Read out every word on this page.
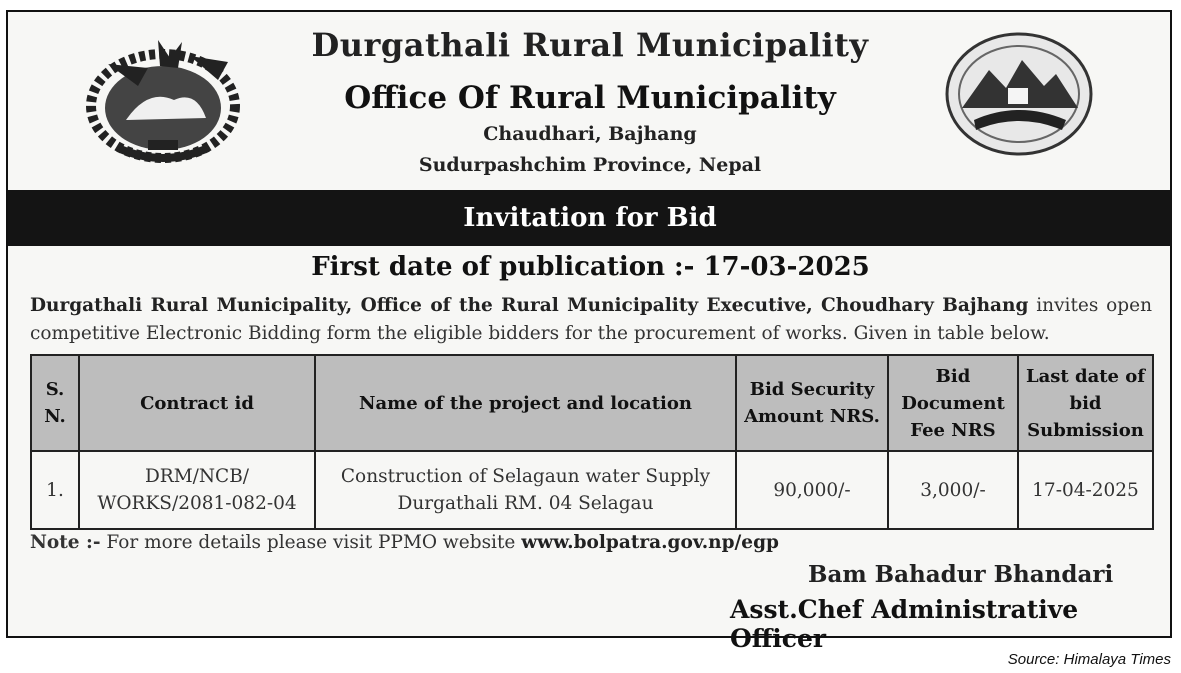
Durgathali Rural Municipality
Office Of Rural Municipality
Chaudhari, Bajhang
Sudurpashchim Province, Nepal
Invitation for Bid
First date of publication :- 17-03-2025
Durgathali Rural Municipality, Office of the Rural Municipality Executive, Choudhary Bajhang invites open competitive Electronic Bidding form the eligible bidders for the procurement of works. Given in table below.
S. N.	Contract id	Name of the project and location	Bid Security Amount NRS.	Bid Document Fee NRS	Last date of bid Submission
1.	DRM/NCB/ WORKS/2081-082-04	Construction of Selagaun water Supply Durgathali RM. 04 Selagau	90,000/-	3,000/-	17-04-2025
Note :- For more details please visit PPMO website www.bolpatra.gov.np/egp
Bam Bahadur Bhandari
Asst.Chef Administrative Officer
Source: Himalaya Times
